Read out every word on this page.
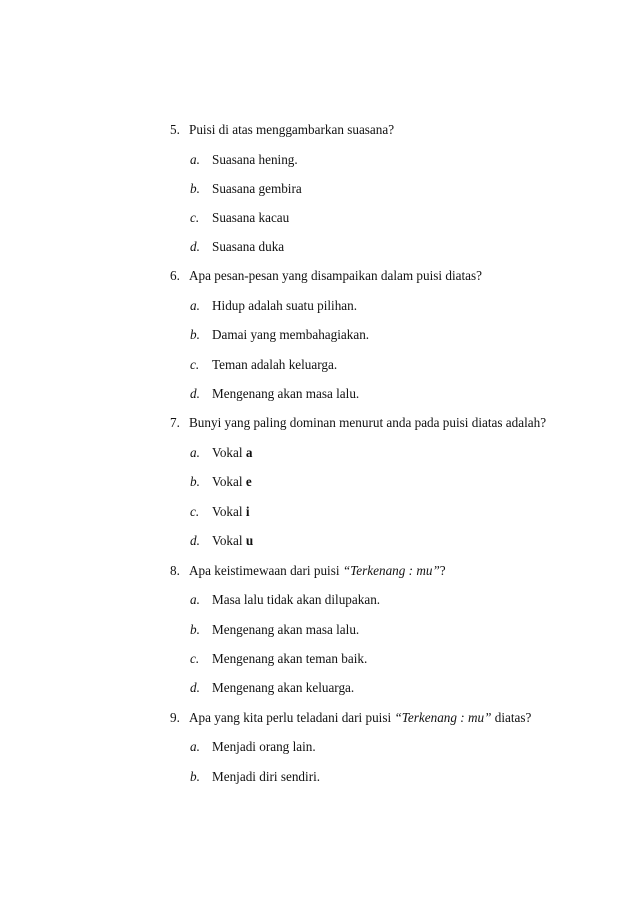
5. Puisi di atas menggambarkan suasana?
a. Suasana hening.
b. Suasana gembira
c. Suasana kacau
d. Suasana duka
6. Apa pesan-pesan yang disampaikan dalam puisi diatas?
a. Hidup adalah suatu pilihan.
b. Damai yang membahagiakan.
c. Teman adalah keluarga.
d. Mengenang akan masa lalu.
7. Bunyi yang paling dominan menurut anda pada puisi diatas adalah?
a. Vokal a
b. Vokal e
c. Vokal i
d. Vokal u
8. Apa keistimewaan dari puisi “Terkenang : mu”?
a. Masa lalu tidak akan dilupakan.
b. Mengenang akan masa lalu.
c. Mengenang akan teman baik.
d. Mengenang akan keluarga.
9. Apa yang kita perlu teladani dari puisi “Terkenang : mu” diatas?
a. Menjadi orang lain.
b. Menjadi diri sendiri.
